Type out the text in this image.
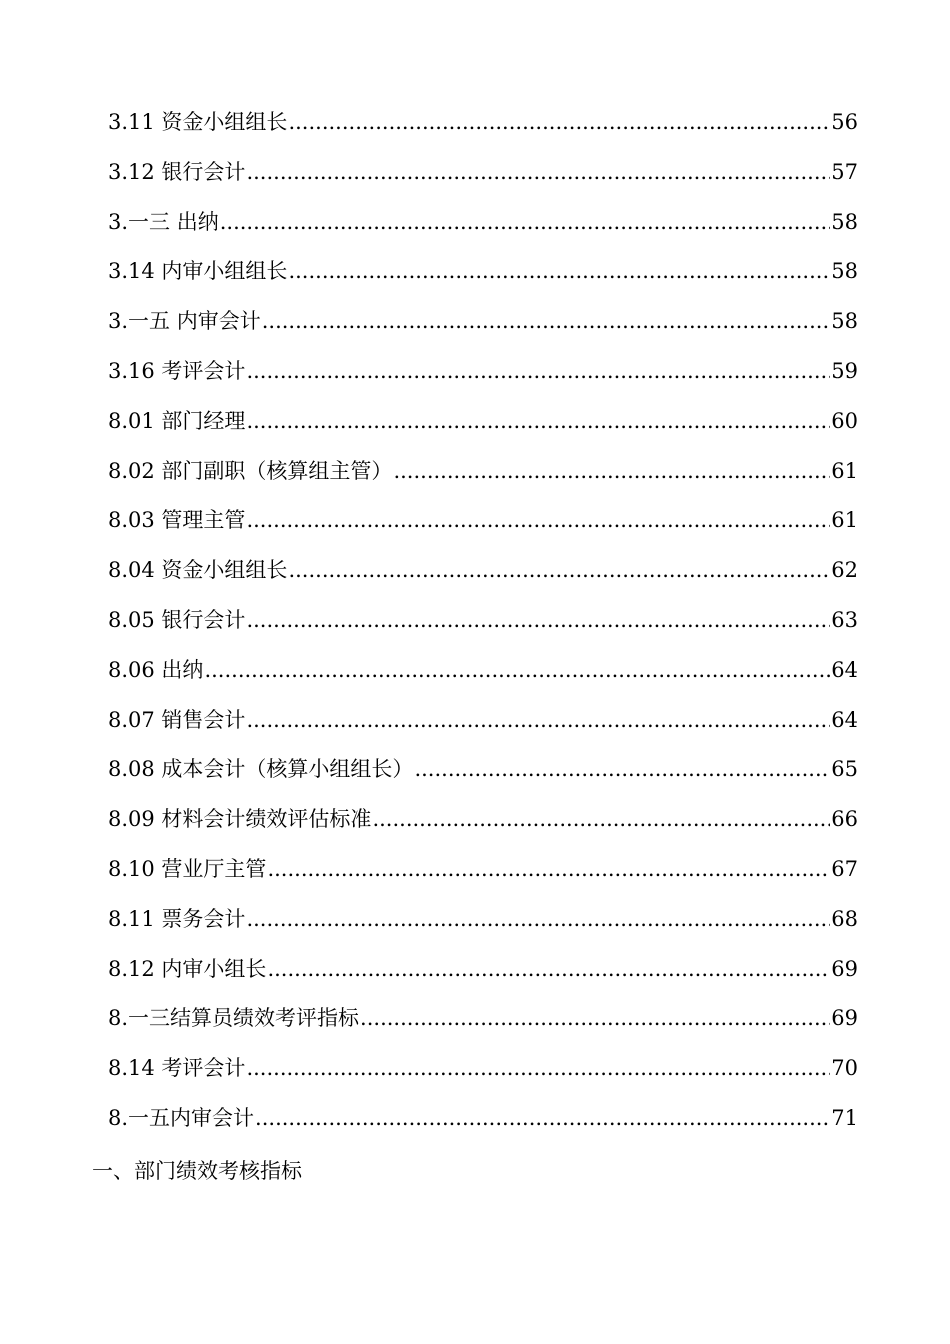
3.11 资金小组组长 .....	56
3.12 银行会计 .....	57
3.一三 出纳 .....	58
3.14 内审小组组长 .....	58
3.一五 内审会计 .....	58
3.16 考评会计 .....	59
8.01 部门经理 .....	60
8.02 部门副职（核算组主管） .....	61
8.03 管理主管 .....	61
8.04 资金小组组长 .....	62
8.05 银行会计 .....	63
8.06 出纳 .....	64
8.07 销售会计 .....	64
8.08 成本会计（核算小组组长） .....	65
8.09 材料会计绩效评估标准 .....	66
8.10 营业厅主管 .....	67
8.11 票务会计 .....	68
8.12 内审小组长 .....	69
8.一三结算员绩效考评指标 .....	69
8.14 考评会计 .....	70
8.一五内审会计 .....	71
一、部门绩效考核指标
